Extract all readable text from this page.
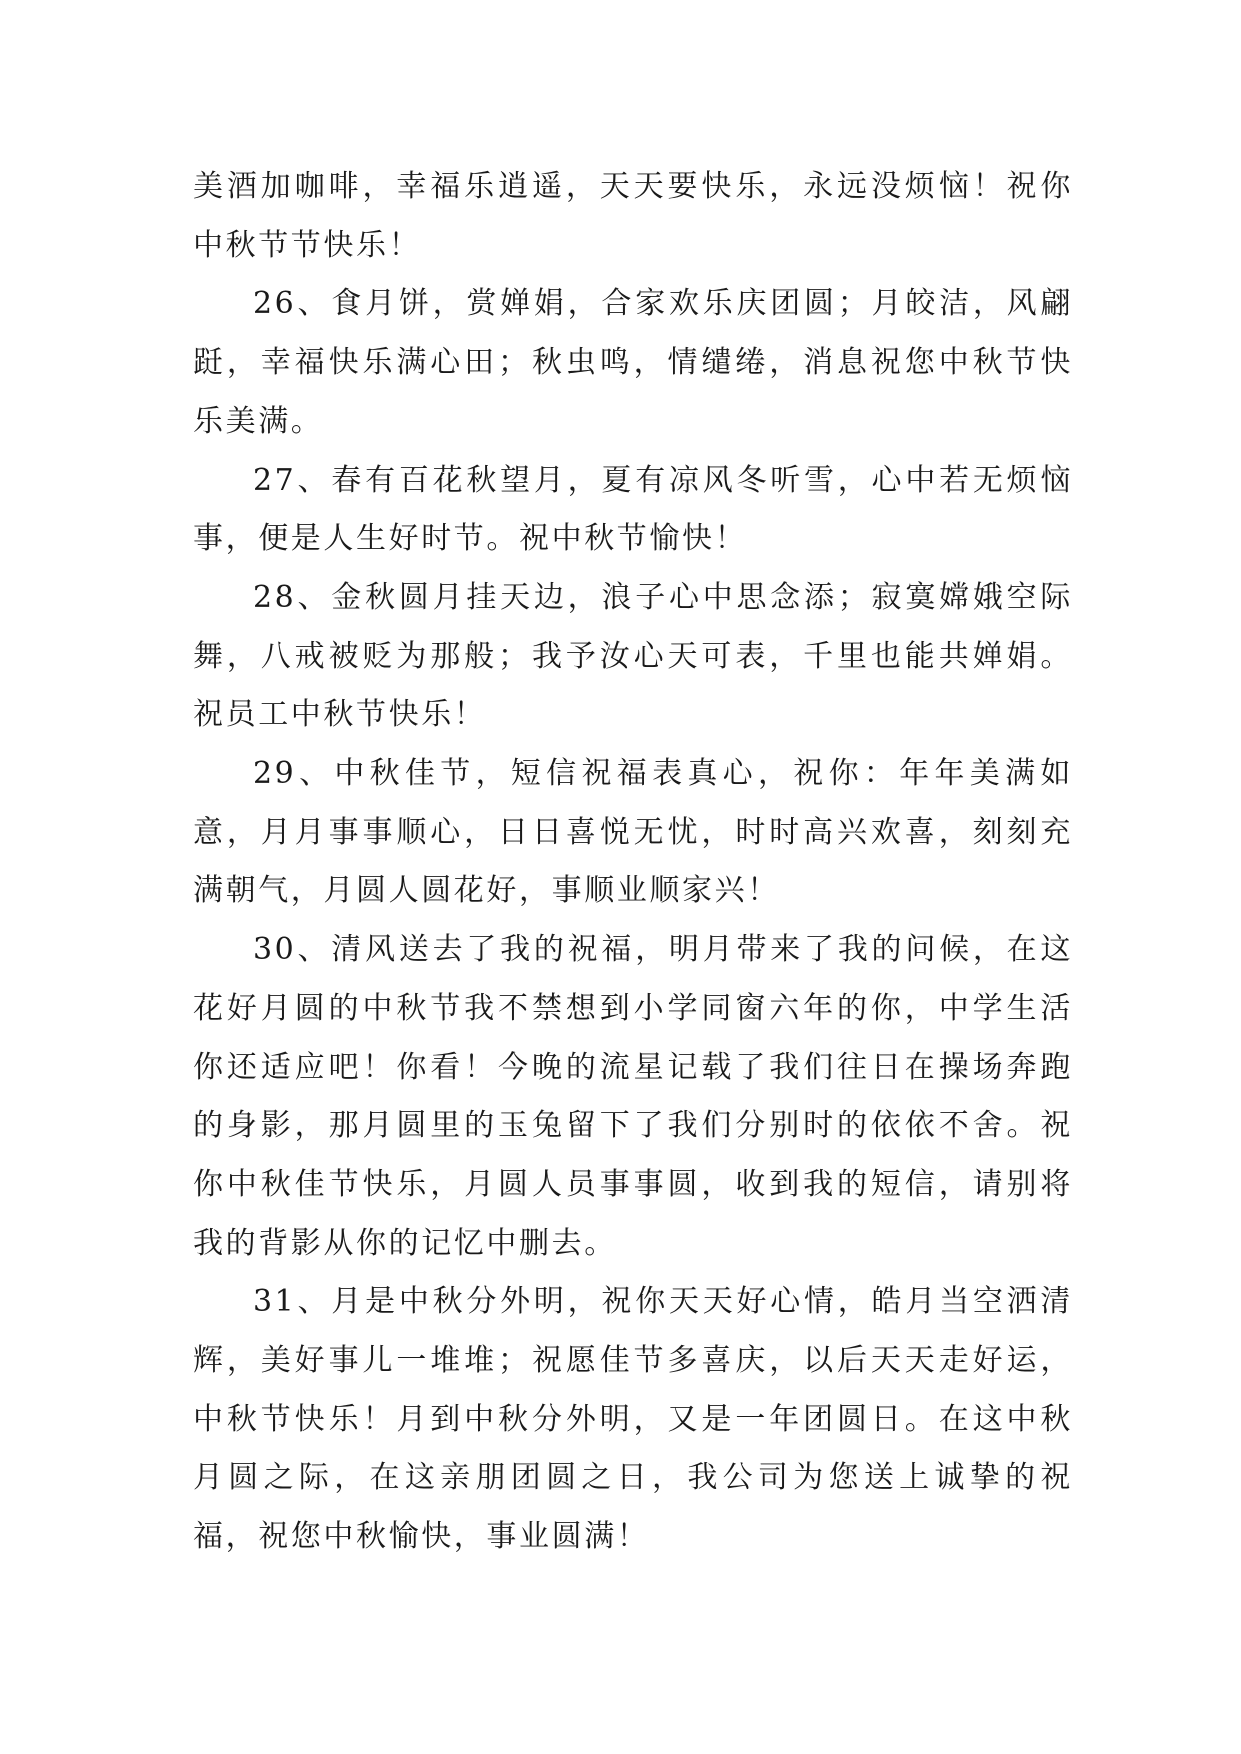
美酒加咖啡，幸福乐逍遥，天天要快乐，永远没烦恼！祝你中秋节节快乐！

26、食月饼，赏婵娟，合家欢乐庆团圆；月皎洁，风翩跹，幸福快乐满心田；秋虫鸣，情缱绻，消息祝您中秋节快乐美满。

27、春有百花秋望月，夏有凉风冬听雪，心中若无烦恼事，便是人生好时节。祝中秋节愉快！

28、金秋圆月挂天边，浪子心中思念添；寂寞嫦娥空际舞，八戒被贬为那般；我予汝心天可表，千里也能共婵娟。祝员工中秋节快乐！

29、中秋佳节，短信祝福表真心，祝你：年年美满如意，月月事事顺心，日日喜悦无忧，时时高兴欢喜，刻刻充满朝气，月圆人圆花好，事顺业顺家兴！

30、清风送去了我的祝福，明月带来了我的问候，在这花好月圆的中秋节我不禁想到小学同窗六年的你，中学生活你还适应吧！你看！今晚的流星记载了我们往日在操场奔跑的身影，那月圆里的玉兔留下了我们分别时的依依不舍。祝你中秋佳节快乐，月圆人员事事圆，收到我的短信，请别将我的背影从你的记忆中删去。

31、月是中秋分外明，祝你天天好心情，皓月当空洒清辉，美好事儿一堆堆；祝愿佳节多喜庆，以后天天走好运，中秋节快乐！月到中秋分外明，又是一年团圆日。在这中秋月圆之际，在这亲朋团圆之日，我公司为您送上诚挚的祝福，祝您中秋愉快，事业圆满！
